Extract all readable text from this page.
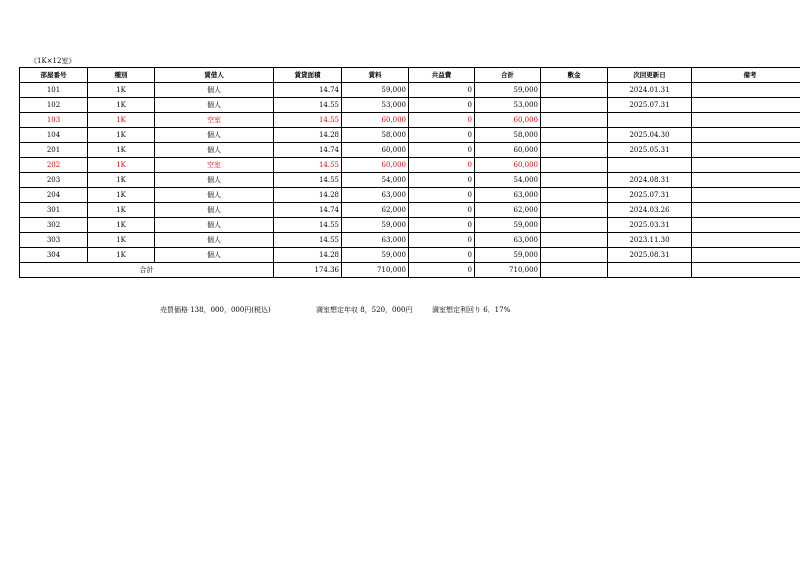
《1K×12室》
部屋番号	種別	賃借人	賃貸面積	賃料	共益費	合計	敷金	次回更新日	備考
101	1K	個人	14.74	59,000	0	59,000		2024.01.31	
102	1K	個人	14.55	53,000	0	53,000		2025.07.31	
103	1K	空室	14.55	60,000	0	60,000			
104	1K	個人	14.28	58,000	0	58,000		2025.04.30	
201	1K	個人	14.74	60,000	0	60,000		2025.05.31	
202	1K	空室	14.55	60,000	0	60,000			
203	1K	個人	14.55	54,000	0	54,000		2024.08.31	
204	1K	個人	14.28	63,000	0	63,000		2025.07.31	
301	1K	個人	14.74	62,000	0	62,000		2024.03.26	
302	1K	個人	14.55	59,000	0	59,000		2025.03.31	
303	1K	個人	14.55	63,000	0	63,000		2023.11.30	
304	1K	個人	14.28	59,000	0	59,000		2025.08.31	
合計			174.36	710,000	0	710,000			
売買価格 138，000，000円(税込)	満室想定年収 8，520，000円	満室想定利回り 6．17%
